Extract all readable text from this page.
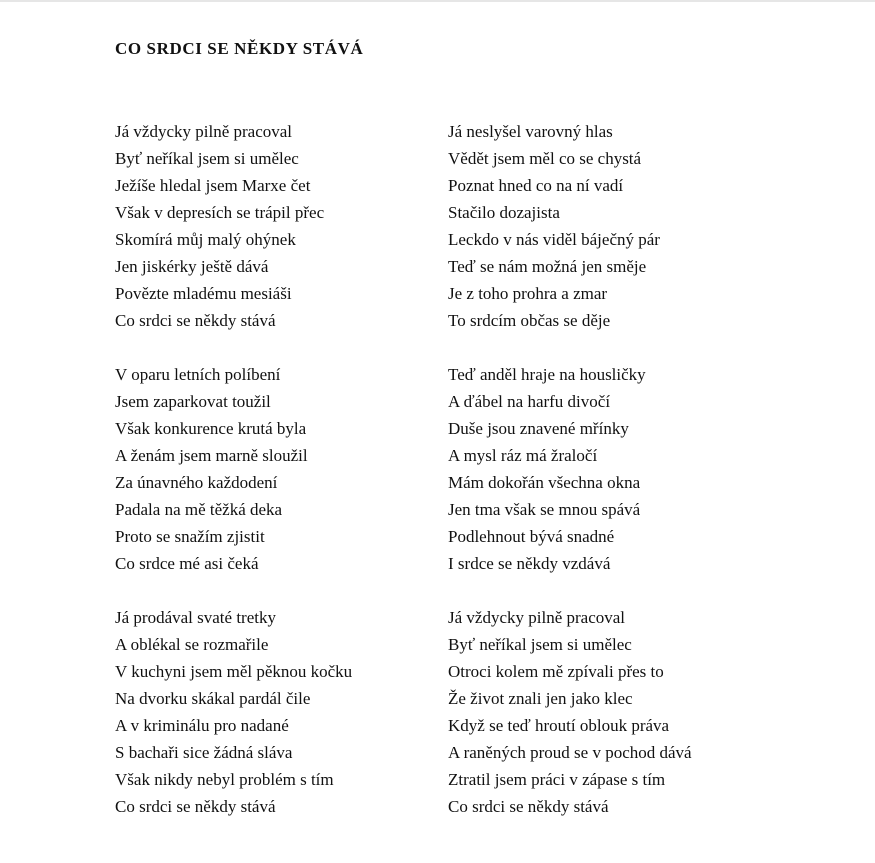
CO SRDCI SE NĚKDY STÁVÁ
Já vždycky pilně pracoval
Byť neříkal jsem si umělec
Ježíše hledal jsem Marxe čet
Však v depresích se trápil přec
Skomírá můj malý ohýnek
Jen jiskérky ještě dává
Povězte mladému mesiáši
Co srdci se někdy stává
V oparu letních políbení
Jsem zaparkovat toužil
Však konkurence krutá byla
A ženám jsem marně sloužil
Za únavného každodení
Padala na mě těžká deka
Proto se snažím zjistit
Co srdce mé asi čeká
Já prodával svaté tretky
A oblékal se rozmařile
V kuchyni jsem měl pěknou kočku
Na dvorku skákal pardál čile
A v kriminálu pro nadané
S bachaři sice žádná sláva
Však nikdy nebyl problém s tím
Co srdci se někdy stává
Já neslyšel varovný hlas
Vědět jsem měl co se chystá
Poznat hned co na ní vadí
Stačilo dozajista
Leckdo v nás viděl báječný pár
Teď se nám možná jen směje
Je z toho prohra a zmar
To srdcím občas se děje
Teď anděl hraje na housličky
A ďábel na harfu divočí
Duše jsou znavené mřínky
A mysl ráz má žraločí
Mám dokořán všechna okna
Jen tma však se mnou spává
Podlehnout bývá snadné
I srdce se někdy vzdává
Já vždycky pilně pracoval
Byť neříkal jsem si umělec
Otroci kolem mě zpívali přes to
Že život znali jen jako klec
Když se teď hroutí oblouk práva
A raněných proud se v pochod dává
Ztratil jsem práci v zápase s tím
Co srdci se někdy stává
